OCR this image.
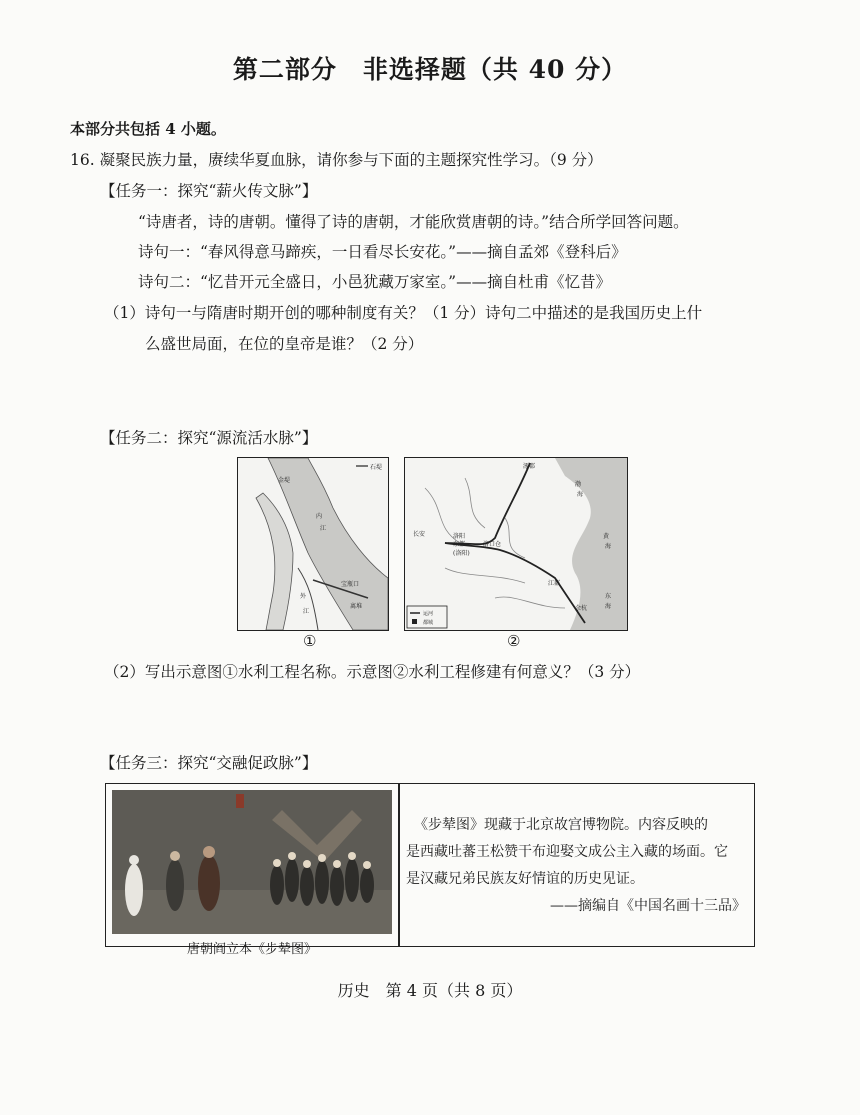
第二部分　非选择题（共 40 分）
本部分共包括 4 小题。
16. 凝聚民族力量，赓续华夏血脉，请你参与下面的主题探究性学习。（9 分）
【任务一：探究“薪火传文脉”】
“诗唐者，诗的唐朝。懂得了诗的唐朝，才能欣赏唐朝的诗。”结合所学回答问题。
诗句一：“春风得意马蹄疾，一日看尽长安花。”——摘自孟郊《登科后》
诗句二：“忆昔开元全盛日，小邑犹藏万家室。”——摘自杜甫《忆昔》
（1）诗句一与隋唐时期开创的哪种制度有关？（1 分）诗句二中描述的是我国历史上什
么盛世局面，在位的皇帝是谁？（2 分）
【任务二：探究“源流活水脉”】
石堤
金堤
宝瓶口
离堆
内
江
外
江
涿郡
长安	洛阳
东都
(洛阳)
洛口仓
江都
余杭
渤
海
黄
海
东
海
运河
都城
①	②
（2）写出示意图①水利工程名称。示意图②水利工程修建有何意义？（3 分）
【任务三：探究“交融促政脉”】
唐朝阎立本《步辇图》
《步辇图》现藏于北京故宫博物院。内容反映的
是西藏吐蕃王松赞干布迎娶文成公主入藏的场面。它
是汉藏兄弟民族友好情谊的历史见证。
——摘编自《中国名画十三品》
历史　第 4 页（共 8 页）
